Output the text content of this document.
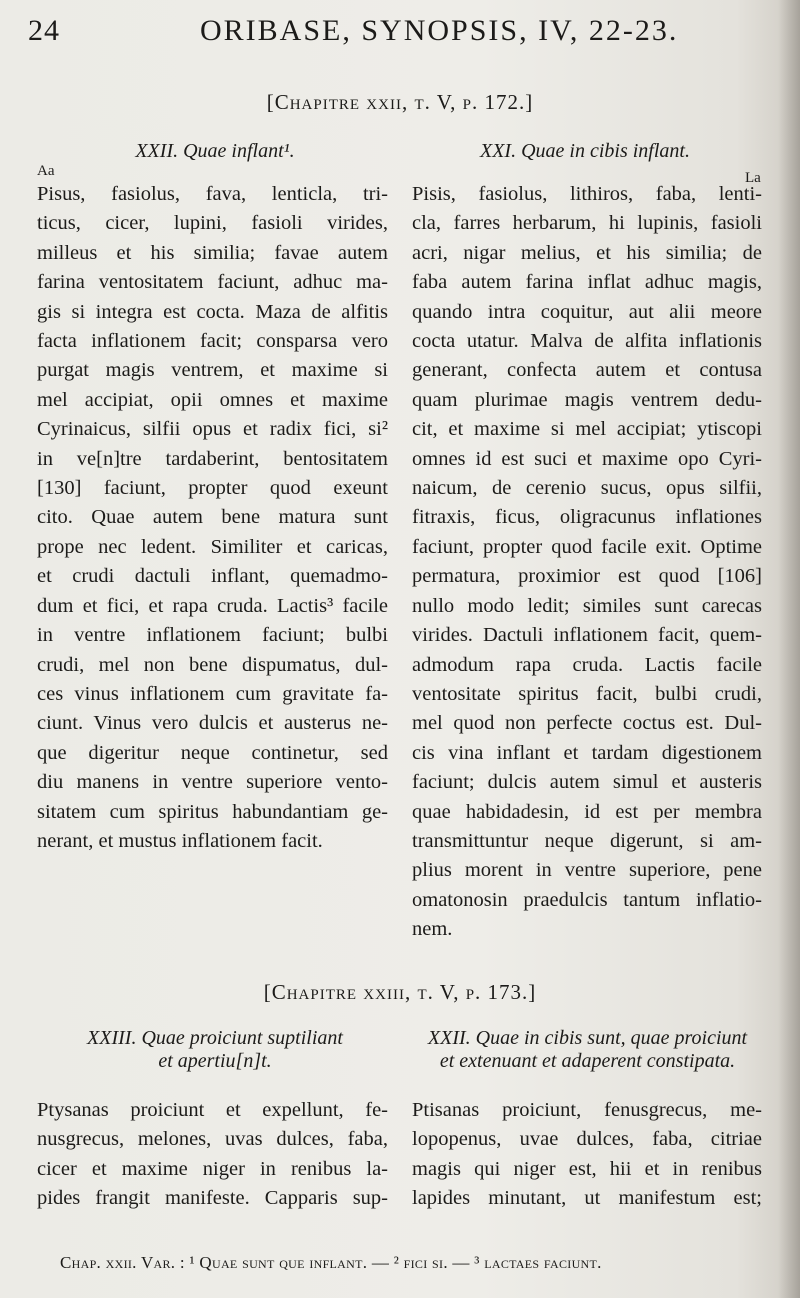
24	ORIBASE, SYNOPSIS, IV, 22-23.
[Chapitre xxii, t. V, p. 172.]
XXII. Quae inflant¹.	XXI. Quae in cibis inflant.
Aa	La
Pisus, fasiolus, fava, lenticla, tri-
ticus, cicer, lupini, fasioli virides,
milleus et his similia; favae autem
farina ventositatem faciunt, adhuc ma-
gis si integra est cocta. Maza de alfitis
facta inflationem facit; consparsa vero
purgat magis ventrem, et maxime si
mel accipiat, opii omnes et maxime
Cyrinaicus, silfii opus et radix fici, si²
in ve[n]tre tardaberint, bentositatem
[130] faciunt, propter quod exeunt
cito. Quae autem bene matura sunt
prope nec ledent. Similiter et caricas,
et crudi dactuli inflant, quemadmo-
dum et fici, et rapa cruda. Lactis³ facile
in ventre inflationem faciunt; bulbi
crudi, mel non bene dispumatus, dul-
ces vinus inflationem cum gravitate fa-
ciunt. Vinus vero dulcis et austerus ne-
que digeritur neque continetur, sed
diu manens in ventre superiore vento-
sitatem cum spiritus habundantiam ge-
nerant, et mustus inflationem facit.
Pisis, fasiolus, lithiros, faba, lenti-
cla, farres herbarum, hi lupinis, fasioli
acri, nigar melius, et his similia; de
faba autem farina inflat adhuc magis,
quando intra coquitur, aut alii meore
cocta utatur. Malva de alfita inflationis
generant, confecta autem et contusa
quam plurimae magis ventrem dedu-
cit, et maxime si mel accipiat; ytiscopi
omnes id est suci et maxime opo Cyri-
naicum, de cerenio sucus, opus silfii,
fitraxis, ficus, oligracunus inflationes
faciunt, propter quod facile exit. Optime
permatura, proximior est quod [106]
nullo modo ledit; similes sunt carecas
virides. Dactuli inflationem facit, quem-
admodum rapa cruda. Lactis facile
ventositate spiritus facit, bulbi crudi,
mel quod non perfecte coctus est. Dul-
cis vina inflant et tardam digestionem
faciunt; dulcis autem simul et austeris
quae habidadesin, id est per membra
transmittuntur neque digerunt, si am-
plius morent in ventre superiore, pene
omatonosin praedulcis tantum inflatio-
nem.
[Chapitre xxiii, t. V, p. 173.]
XXIII. Quae proiciunt suptiliant
et apertiu[n]t.
XXII. Quae in cibis sunt, quae proiciunt
et extenuant et adaperent constipata.
Ptysanas proiciunt et expellunt, fe-
nusgrecus, melones, uvas dulces, faba,
cicer et maxime niger in renibus la-
pides frangit manifeste. Capparis sup-
Ptisanas proiciunt, fenusgrecus, me-
lopopenus, uvae dulces, faba, citriae
magis qui niger est, hii et in renibus
lapides minutant, ut manifestum est;
Chap. xxii. Var. : ¹ Quae sunt que inflant. — ² fici si. — ³ lactaes faciunt.
